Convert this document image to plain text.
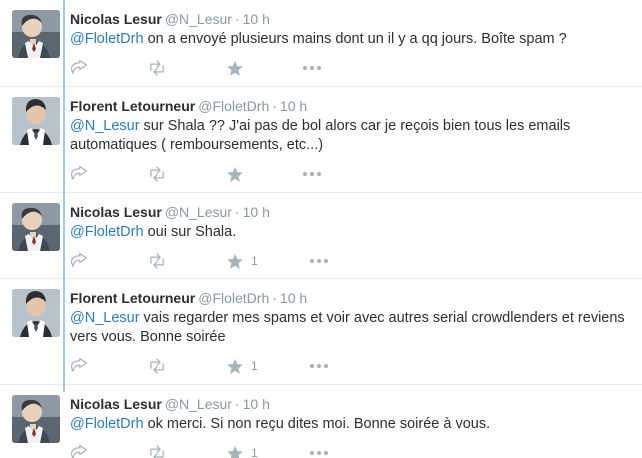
Nicolas Lesur @N_Lesur · 10 h
@FloletDrh on a envoyé plusieurs mains dont un il y a qq jours. Boîte spam ?
Florent Letourneur @FloletDrh · 10 h
@N_Lesur sur Shala ?? J'ai pas de bol alors car je reçois bien tous les emails automatiques ( remboursements, etc...)
Nicolas Lesur @N_Lesur · 10 h
@FloletDrh oui sur Shala.
1
Florent Letourneur @FloletDrh · 10 h
@N_Lesur vais regarder mes spams et voir avec autres serial crowdlenders et reviens vers vous. Bonne soirée
1
Nicolas Lesur @N_Lesur · 10 h
@FloletDrh ok merci. Si non reçu dites moi. Bonne soirée à vous.
1
